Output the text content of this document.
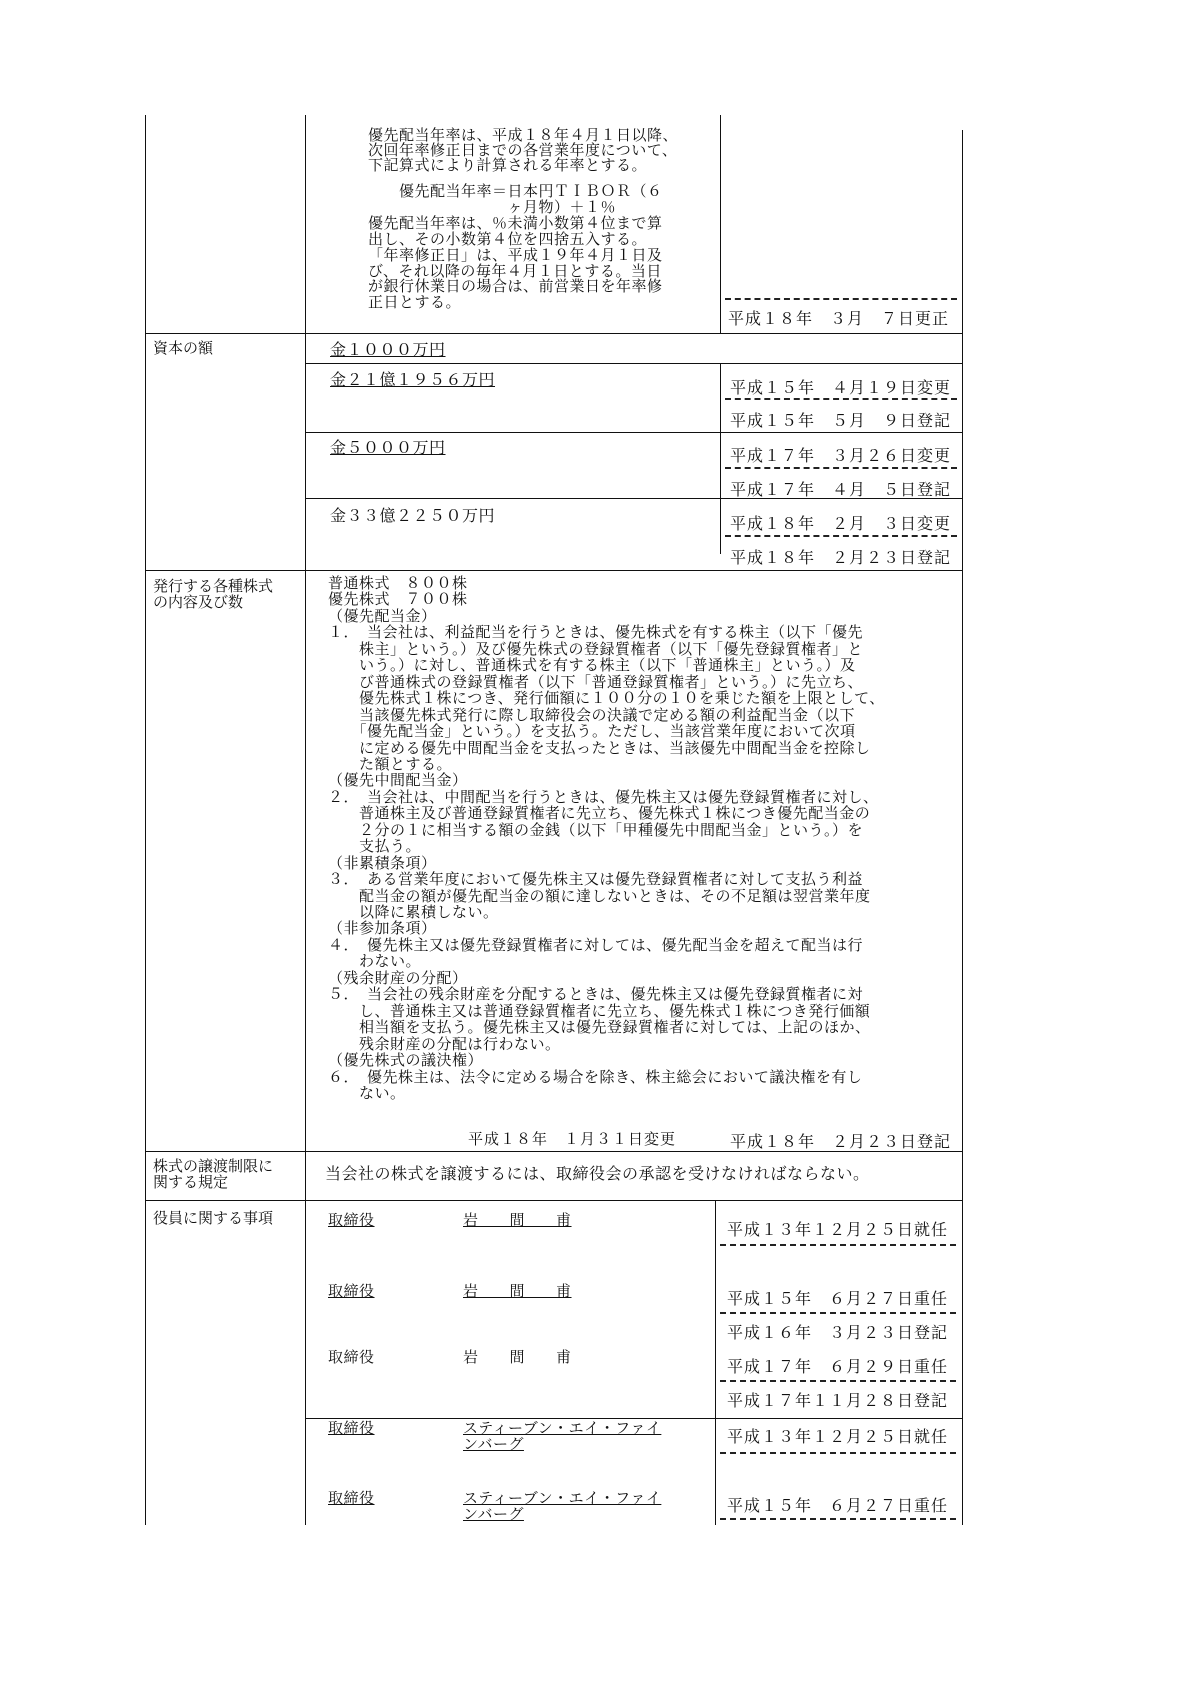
優先配当年率は、平成１８年４月１日以降、
次回年率修正日までの各営業年度について、
下記算式により計算される年率とする。
　　優先配当年率＝日本円ＴＩＢＯＲ（６
　　　　　　　　　ヶ月物）＋１％
優先配当年率は、％未満小数第４位まで算
出し、その小数第４位を四捨五入する。
「年率修正日」は、平成１９年４月１日及
び、それ以降の毎年４月１日とする。当日
が銀行休業日の場合は、前営業日を年率修
正日とする。
平成１８年　３月　７日更正
資本の額	金１０００万円
金２１億１９５６万円	平成１５年　４月１９日変更
平成１５年　５月　９日登記
金５０００万円	平成１７年　３月２６日変更
平成１７年　４月　５日登記
金３３億２２５０万円	平成１８年　２月　３日変更
平成１８年　２月２３日登記
発行する各種株式
の内容及び数
普通株式　８００株
優先株式　７００株
（優先配当金）
１．　当会社は、利益配当を行うときは、優先株式を有する株主（以下「優先
　　株主」という。）及び優先株式の登録質権者（以下「優先登録質権者」と
　　いう。）に対し、普通株式を有する株主（以下「普通株主」という。）及
　　び普通株式の登録質権者（以下「普通登録質権者」という。）に先立ち、
　　優先株式１株につき、発行価額に１００分の１０を乗じた額を上限として、
　　当該優先株式発行に際し取締役会の決議で定める額の利益配当金（以下
　　「優先配当金」という。）を支払う。ただし、当該営業年度において次項
　　に定める優先中間配当金を支払ったときは、当該優先中間配当金を控除し
　　た額とする。
（優先中間配当金）
２．　当会社は、中間配当を行うときは、優先株主又は優先登録質権者に対し、
　　普通株主及び普通登録質権者に先立ち、優先株式１株につき優先配当金の
　　２分の１に相当する額の金銭（以下「甲種優先中間配当金」という。）を
　　支払う。
（非累積条項）
３．　ある営業年度において優先株主又は優先登録質権者に対して支払う利益
　　配当金の額が優先配当金の額に達しないときは、その不足額は翌営業年度
　　以降に累積しない。
（非参加条項）
４．　優先株主又は優先登録質権者に対しては、優先配当金を超えて配当は行
　　わない。
（残余財産の分配）
５．　当会社の残余財産を分配するときは、優先株主又は優先登録質権者に対
　　し、普通株主又は普通登録質権者に先立ち、優先株式１株につき発行価額
　　相当額を支払う。優先株主又は優先登録質権者に対しては、上記のほか、
　　残余財産の分配は行わない。
（優先株式の議決権）
６．　優先株主は、法令に定める場合を除き、株主総会において議決権を有し
　　ない。
平成１８年　１月３１日変更	平成１８年　２月２３日登記
株式の譲渡制限に
関する規定	当会社の株式を譲渡するには、取締役会の承認を受けなければならない。
役員に関する事項	取締役	岩　　間　　甫	平成１３年１２月２５日就任
取締役	岩　　間　　甫	平成１５年　６月２７日重任
平成１６年　３月２３日登記
取締役	岩　　間　　甫	平成１７年　６月２９日重任
平成１７年１１月２８日登記
取締役	スティーブン・エイ・ファイ
ンバーグ	平成１３年１２月２５日就任
取締役	スティーブン・エイ・ファイ
ンバーグ	平成１５年　６月２７日重任
